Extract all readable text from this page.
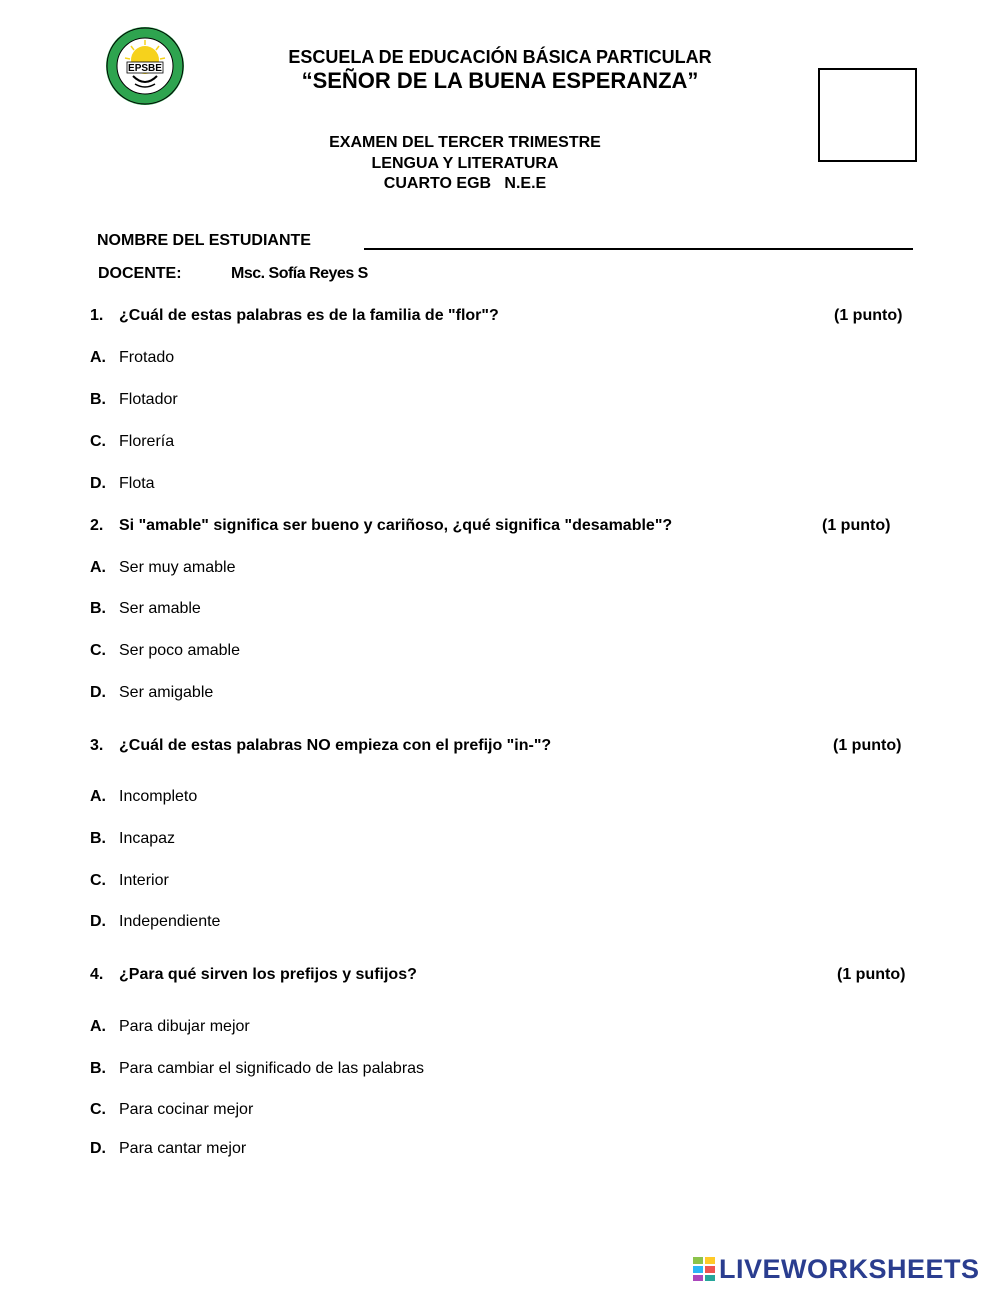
EPSBE
ESCUELA DE EDUCACIÓN BÁSICA PARTICULAR
“SEÑOR DE LA BUENA ESPERANZA”
EXAMEN DEL TERCER TRIMESTRE
LENGUA Y LITERATURA
CUARTO EGB   N.E.E
NOMBRE DEL ESTUDIANTE
DOCENTE:	Msc. Sofía Reyes S
1. ¿Cuál de estas palabras es de la familia de "flor"?	(1 punto)
A. Frotado
B. Flotador
C. Florería
D. Flota
2. Si "amable" significa ser bueno y cariñoso, ¿qué significa "desamable"?	(1 punto)
A. Ser muy amable
B. Ser amable
C. Ser poco amable
D. Ser amigable
3. ¿Cuál de estas palabras NO empieza con el prefijo "in-"?	(1 punto)
A. Incompleto
B. Incapaz
C. Interior
D. Independiente
4. ¿Para qué sirven los prefijos y sufijos?	(1 punto)
A. Para dibujar mejor
B. Para cambiar el significado de las palabras
C. Para cocinar mejor
D. Para cantar mejor
LIVEWORKSHEETS
